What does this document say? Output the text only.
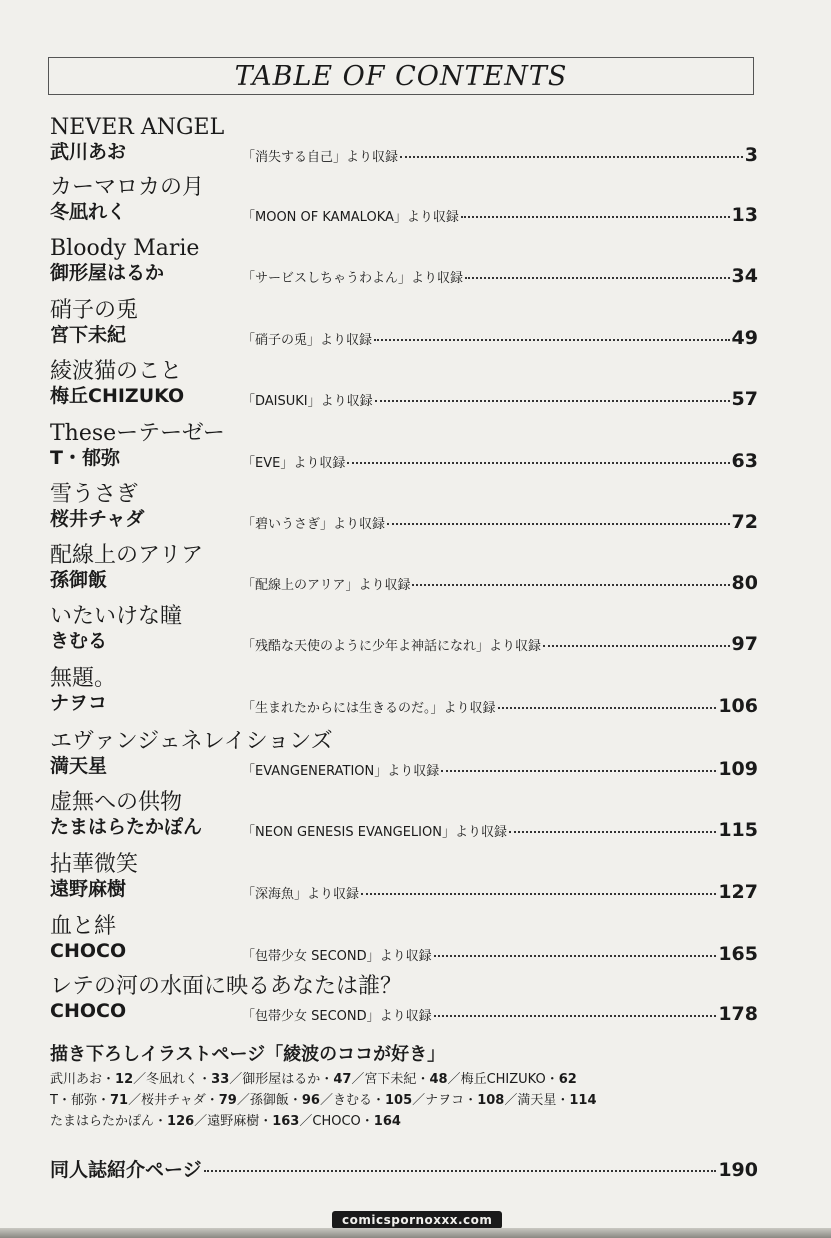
TABLE OF CONTENTS
NEVER ANGEL
武川あお	「消失する自己」より収録	3
カーマロカの月
冬凪れく	「MOON OF KAMALOKA」より収録	13
Bloody Marie
御形屋はるか	「サービスしちゃうわよん」より収録	34
硝子の兎
宮下未紀	「硝子の兎」より収録	49
綾波猫のこと
梅丘CHIZUKO	「DAISUKI」より収録	57
Theseーテーゼー
T・郁弥	「EVE」より収録	63
雪うさぎ
桜井チャダ	「碧いうさぎ」より収録	72
配線上のアリア
孫御飯	「配線上のアリア」より収録	80
いたいけな瞳
きむる	「残酷な天使のように少年よ神話になれ」より収録	97
無題。
ナヲコ	「生まれたからには生きるのだ。」より収録	106
エヴァンジェネレイションズ
満天星	「EVANGENERATION」より収録	109
虚無への供物
たまはらたかぽん	「NEON GENESIS EVANGELION」より収録	115
拈華微笑
遠野麻樹	「深海魚」より収録	127
血と絆
CHOCO	「包帯少女 SECOND」より収録	165
レテの河の水面に映るあなたは誰？
CHOCO	「包帯少女 SECOND」より収録	178
描き下ろしイラストページ「綾波のココが好き」
武川あお・12／冬凪れく・33／御形屋はるか・47／宮下未紀・48／梅丘CHIZUKO・62
T・郁弥・71／桜井チャダ・79／孫御飯・96／きむる・105／ナヲコ・108／満天星・114
たまはらたかぽん・126／遠野麻樹・163／CHOCO・164
同人誌紹介ページ	190
comicspornoxxx.com
